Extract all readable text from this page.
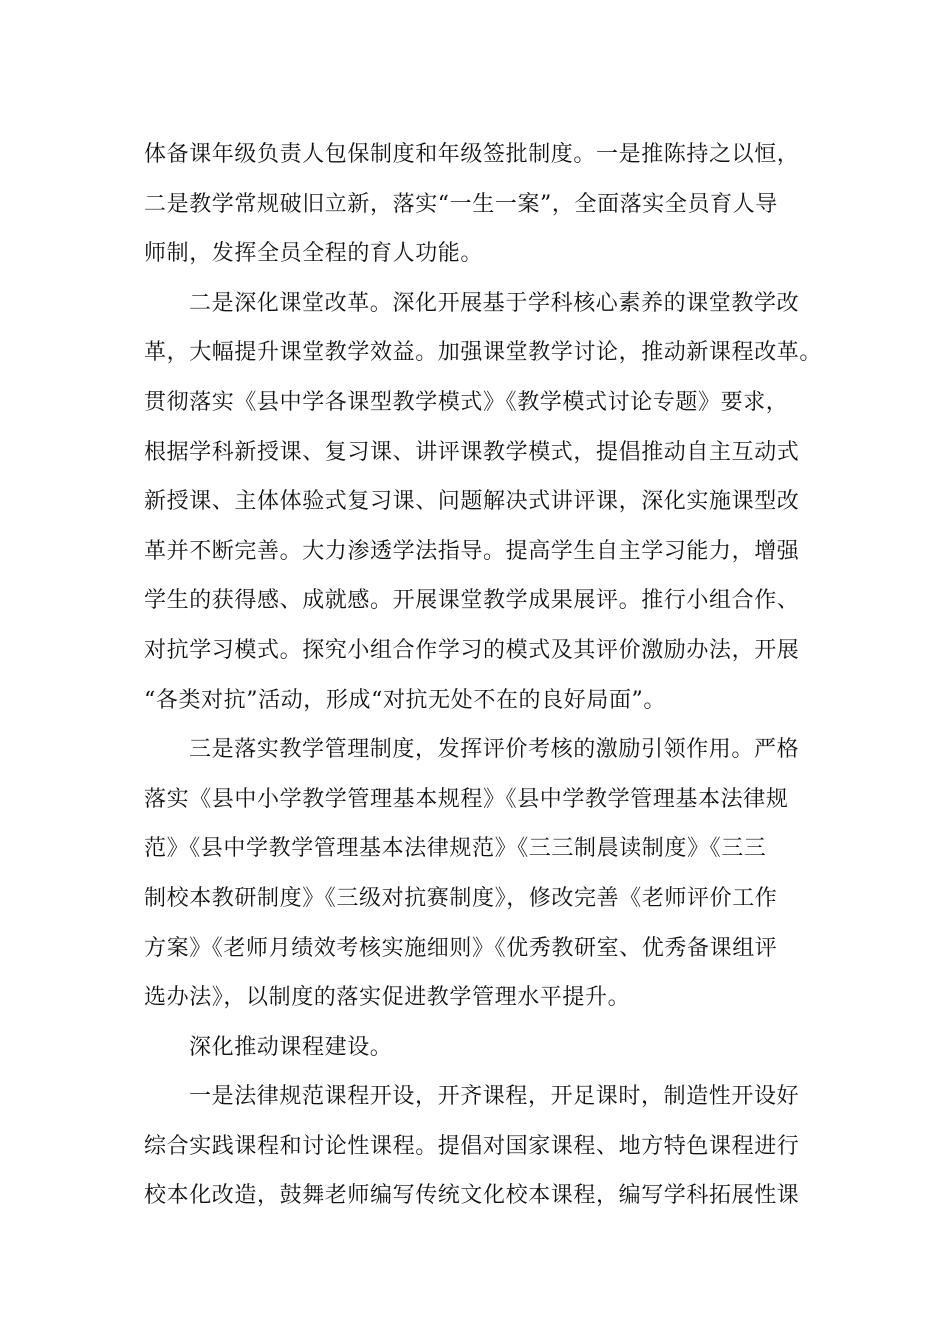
体备课年级负责人包保制度和年级签批制度。一是推陈持之以恒，
二是教学常规破旧立新，落实“一生一案”，全面落实全员育人导
师制，发挥全员全程的育人功能。
二是深化课堂改革。深化开展基于学科核心素养的课堂教学改
革，大幅提升课堂教学效益。加强课堂教学讨论，推动新课程改革。
贯彻落实《县中学各课型教学模式》《教学模式讨论专题》要求，
根据学科新授课、复习课、讲评课教学模式，提倡推动自主互动式
新授课、主体体验式复习课、问题解决式讲评课，深化实施课型改
革并不断完善。大力渗透学法指导。提高学生自主学习能力，增强
学生的获得感、成就感。开展课堂教学成果展评。推行小组合作、
对抗学习模式。探究小组合作学习的模式及其评价激励办法，开展
“各类对抗”活动，形成“对抗无处不在的良好局面”。
三是落实教学管理制度，发挥评价考核的激励引领作用。严格
落实《县中小学教学管理基本规程》《县中学教学管理基本法律规
范》《县中学教学管理基本法律规范》《三三制晨读制度》《三三
制校本教研制度》《三级对抗赛制度》，修改完善《老师评价工作
方案》《老师月绩效考核实施细则》《优秀教研室、优秀备课组评
选办法》，以制度的落实促进教学管理水平提升。
深化推动课程建设。
一是法律规范课程开设，开齐课程，开足课时，制造性开设好
综合实践课程和讨论性课程。提倡对国家课程、地方特色课程进行
校本化改造，鼓舞老师编写传统文化校本课程，编写学科拓展性课
